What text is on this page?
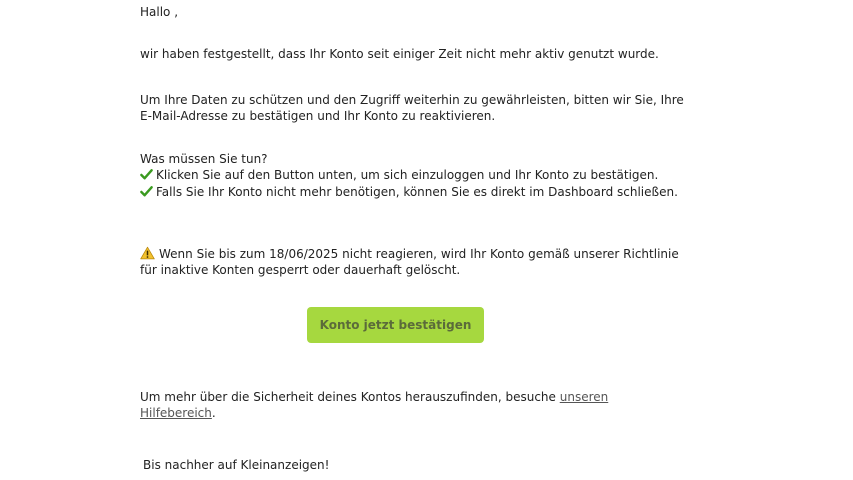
Hallo ,
wir haben festgestellt, dass Ihr Konto seit einiger Zeit nicht mehr aktiv genutzt wurde.
Um Ihre Daten zu schützen und den Zugriff weiterhin zu gewährleisten, bitten wir Sie, Ihre
E-Mail-Adresse zu bestätigen und Ihr Konto zu reaktivieren.
Was müssen Sie tun?
Klicken Sie auf den Button unten, um sich einzuloggen und Ihr Konto zu bestätigen.
Falls Sie Ihr Konto nicht mehr benötigen, können Sie es direkt im Dashboard schließen.
Wenn Sie bis zum 18/06/2025 nicht reagieren, wird Ihr Konto gemäß unserer Richtlinie
für inaktive Konten gesperrt oder dauerhaft gelöscht.
Konto jetzt bestätigen
Um mehr über die Sicherheit deines Kontos herauszufinden, besuche unseren
Hilfebereich.
Bis nachher auf Kleinanzeigen!
